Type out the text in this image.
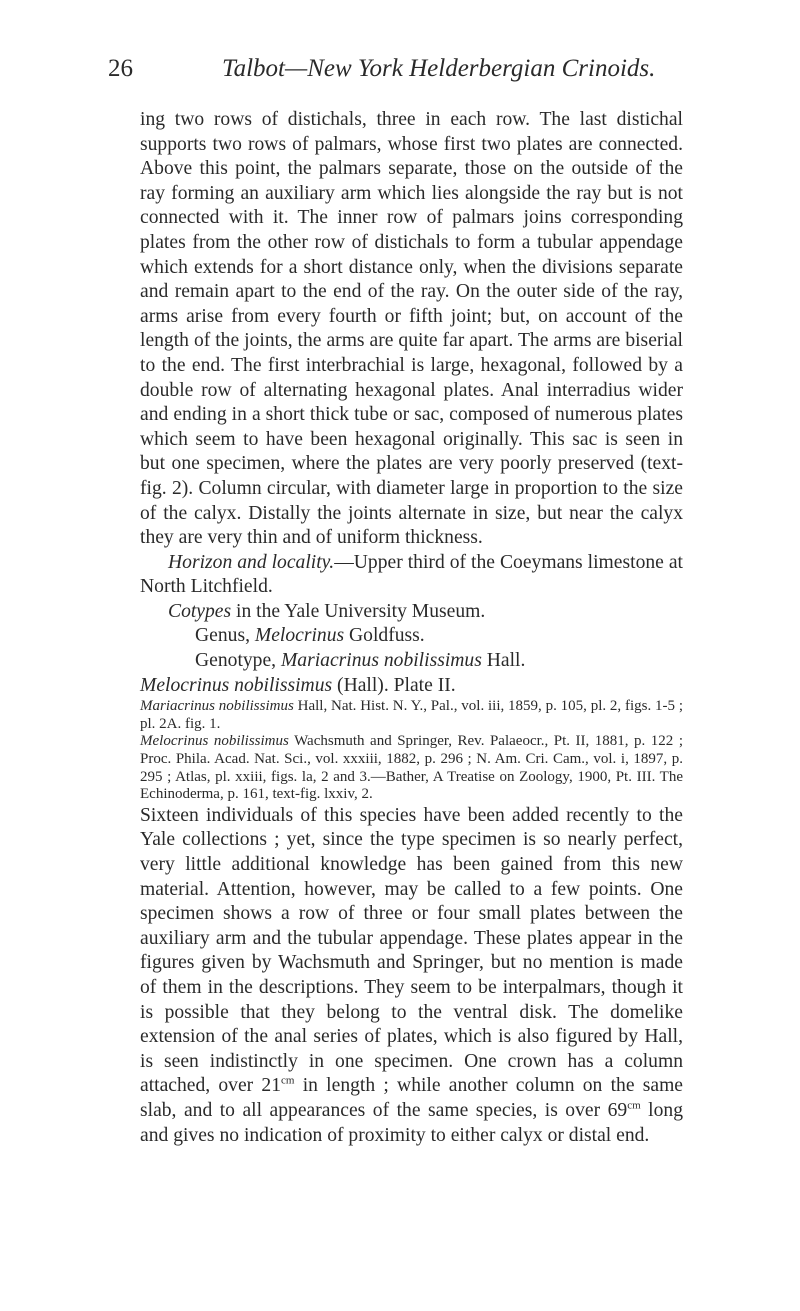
26	Talbot—New York Helderbergian Crinoids.

ing two rows of distichals, three in each row. The last distichal supports two rows of palmars, whose first two plates are connected. Above this point, the palmars separate, those on the outside of the ray forming an auxiliary arm which lies alongside the ray but is not connected with it. The inner row of palmars joins corresponding plates from the other row of distichals to form a tubular appendage which extends for a short distance only, when the divisions separate and remain apart to the end of the ray. On the outer side of the ray, arms arise from every fourth or fifth joint; but, on account of the length of the joints, the arms are quite far apart. The arms are biserial to the end. The first interbrachial is large, hexagonal, followed by a double row of alternating hexagonal plates. Anal interradius wider and ending in a short thick tube or sac, composed of numerous plates which seem to have been hexagonal originally. This sac is seen in but one specimen, where the plates are very poorly preserved (text-fig. 2). Column circular, with diameter large in proportion to the size of the calyx. Distally the joints alternate in size, but near the calyx they are very thin and of uniform thickness.

Horizon and locality.—Upper third of the Coeymans limestone at North Litchfield.

Cotypes in the Yale University Museum.

Genus, Melocrinus Goldfuss.

Genotype, Mariacrinus nobilissimus Hall.

Melocrinus nobilissimus (Hall). Plate II.

Mariacrinus nobilissimus Hall, Nat. Hist. N. Y., Pal., vol. iii, 1859, p. 105, pl. 2, figs. 1-5 ; pl. 2A. fig. 1.

Melocrinus nobilissimus Wachsmuth and Springer, Rev. Palaeocr., Pt. II, 1881, p. 122 ; Proc. Phila. Acad. Nat. Sci., vol. xxxiii, 1882, p. 296 ; N. Am. Cri. Cam., vol. i, 1897, p. 295 ; Atlas, pl. xxiii, figs. la, 2 and 3.—Bather, A Treatise on Zoology, 1900, Pt. III. The Echinoderma, p. 161, text-fig. lxxiv, 2.

Sixteen individuals of this species have been added recently to the Yale collections ; yet, since the type specimen is so nearly perfect, very little additional knowledge has been gained from this new material. Attention, however, may be called to a few points. One specimen shows a row of three or four small plates between the auxiliary arm and the tubular appendage. These plates appear in the figures given by Wachsmuth and Springer, but no mention is made of them in the descriptions. They seem to be interpalmars, though it is possible that they belong to the ventral disk. The domelike extension of the anal series of plates, which is also figured by Hall, is seen indistinctly in one specimen. One crown has a column attached, over $21^{cm}$ in length ; while another column on the same slab, and to all appearances of the same species, is over $69^{cm}$ long and gives no indication of proximity to either calyx or distal end.
